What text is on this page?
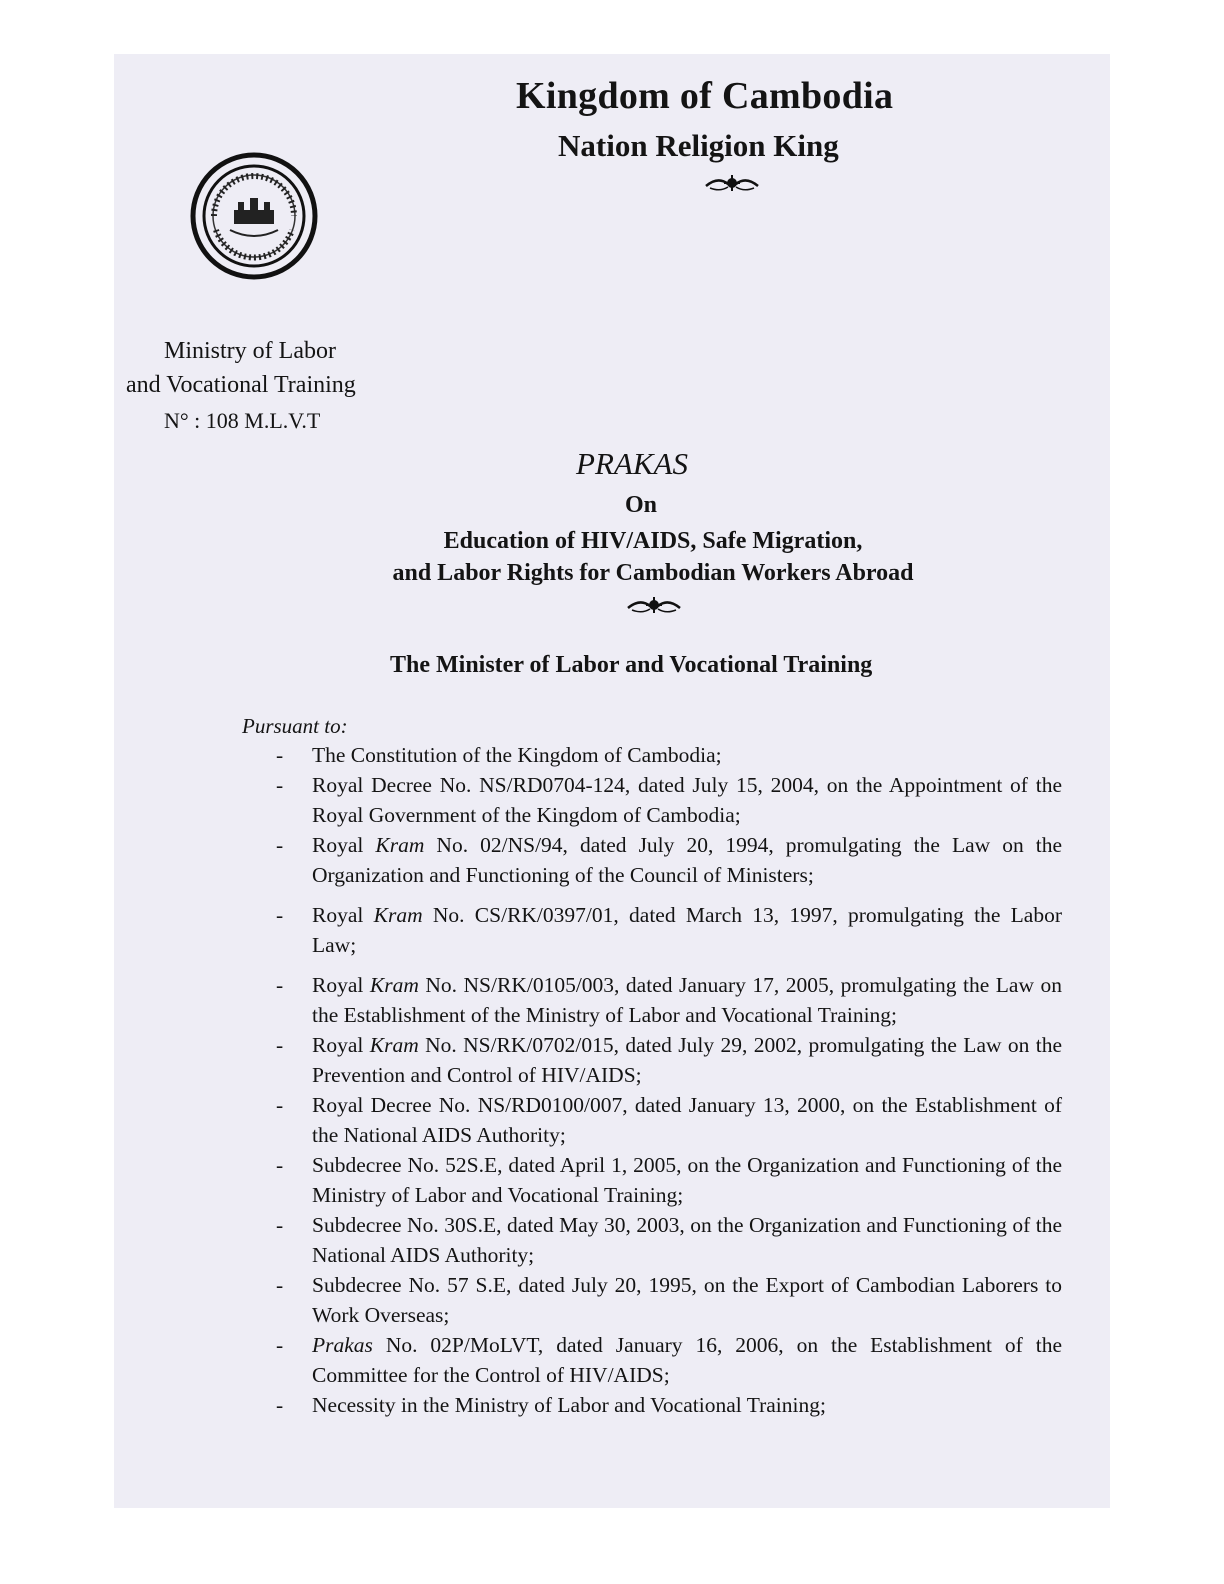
Kingdom of Cambodia
Nation Religion King
Ministry of Labor
and Vocational Training
N° : 108 M.L.V.T
PRAKAS
On
Education of HIV/AIDS, Safe Migration,
and Labor Rights for Cambodian Workers Abroad
The Minister of Labor and Vocational Training
Pursuant to:
- The Constitution of the Kingdom of Cambodia;
- Royal Decree No. NS/RD0704-124, dated July 15, 2004, on the Appointment of the Royal Government of the Kingdom of Cambodia;
- Royal Kram No. 02/NS/94, dated July 20, 1994, promulgating the Law on the Organization and Functioning of the Council of Ministers;
- Royal Kram No. CS/RK/0397/01, dated March 13, 1997, promulgating the Labor Law;
- Royal Kram No. NS/RK/0105/003, dated January 17, 2005, promulgating the Law on the Establishment of the Ministry of Labor and Vocational Training;
- Royal Kram No. NS/RK/0702/015, dated July 29, 2002, promulgating the Law on the Prevention and Control of HIV/AIDS;
- Royal Decree No. NS/RD0100/007, dated January 13, 2000, on the Establishment of the National AIDS Authority;
- Subdecree No. 52S.E, dated April 1, 2005, on the Organization and Functioning of the Ministry of Labor and Vocational Training;
- Subdecree No. 30S.E, dated May 30, 2003, on the Organization and Functioning of the National AIDS Authority;
- Subdecree No. 57 S.E, dated July 20, 1995, on the Export of Cambodian Laborers to Work Overseas;
- Prakas No. 02P/MoLVT, dated January 16, 2006, on the Establishment of the Committee for the Control of HIV/AIDS;
- Necessity in the Ministry of Labor and Vocational Training;
